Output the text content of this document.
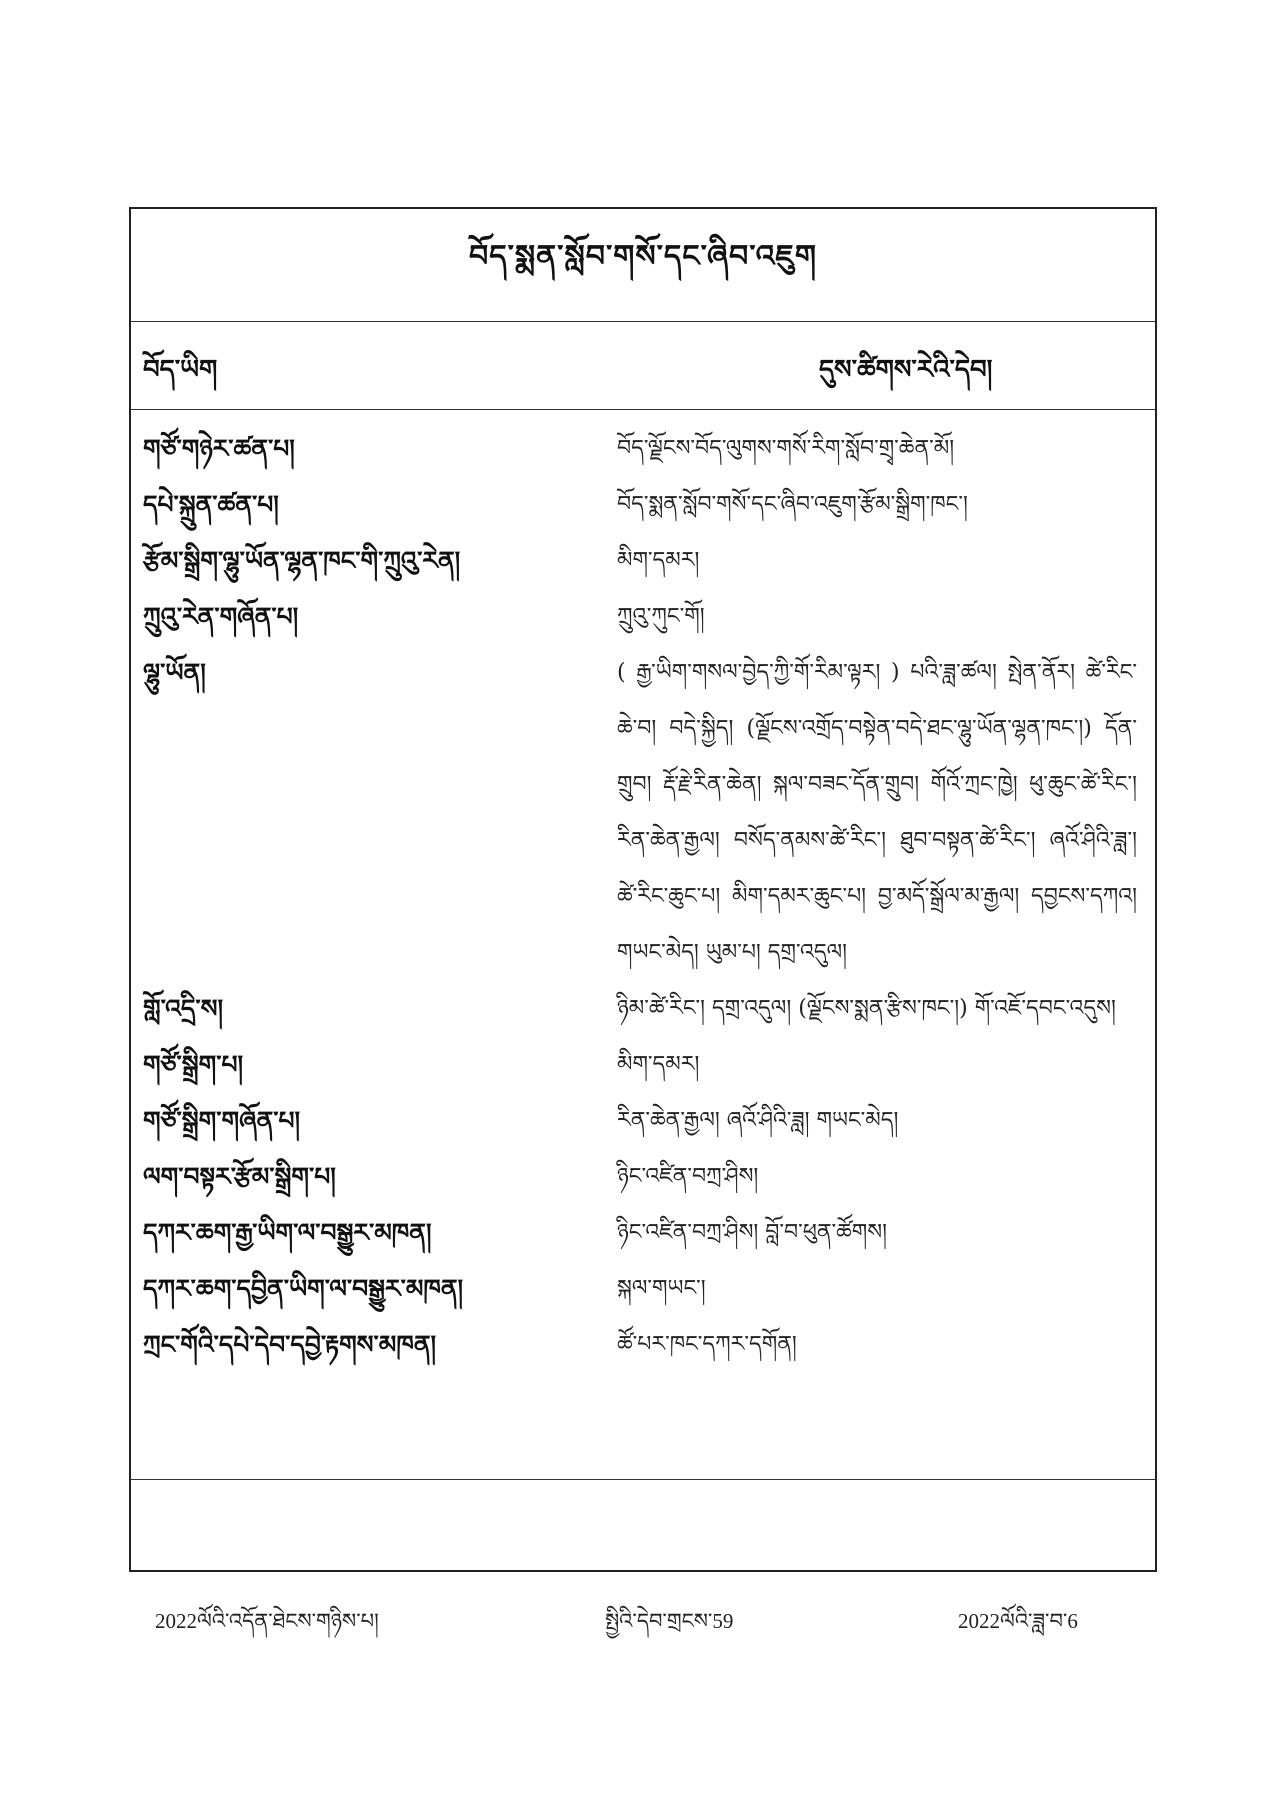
བོད་སྨན་སློབ་གསོ་དང་ཞིབ་འཇུག
བོད་ཡིག	དུས་ཚིགས་རེའི་དེབ།
གཙོ་གཉེར་ཚན་པ།	བོད་ལྗོངས་བོད་ལུགས་གསོ་རིག་སློབ་གྲྭ་ཆེན་མོ།
དཔེ་སྐྲུན་ཚན་པ།	བོད་སྨན་སློབ་གསོ་དང་ཞིབ་འཇུག་རྩོམ་སྒྲིག་ཁང་།
རྩོམ་སྒྲིག་ལྷུ་ཡོན་ལྷན་ཁང་གི་ཀྲུའུ་རེན།	མིག་དམར།
ཀྲུའུ་རེན་གཞོན་པ།	ཀྲུའུ་ཀུང་གོ།
ལྷུ་ཡོན།	( རྒྱ་ཡིག་གསལ་བྱེད་ཀྱི་གོ་རིམ་ལྟར། ) པའི་ཟླ་ཚལ། སྤེན་ནོར། ཚེ་རིང་ཆེ་བ། བདེ་སྐྱིད། (ལྗོངས་འགྲོད་བསྟེན་བདེ་ཐང་ལྷུ་ཡོན་ལྷན་ཁང་།) དོན་གྲུབ། རྡོ་རྗེ་རིན་ཆེན། སྐལ་བཟང་དོན་གྲུབ། གོའོ་ཀྲང་ཁྱེ། ཕུ་ཆུང་ཚེ་རིང་། རིན་ཆེན་རྒྱལ། བསོད་ནམས་ཚེ་རིང་། ཐུབ་བསྟན་ཚེ་རིང་། ཞའོ་ཤིའི་ཟླ་། ཚེ་རིང་ཆུང་པ། མིག་དམར་ཆུང་པ། བྱ་མདོ་སྒྲོལ་མ་རྒྱལ། དབྱངས་དཀའ། གཡང་མེད། ཡུམ་པ། དགྲ་འདུལ།
གློ་འདྲི་ས།	ཉིམ་ཚེ་རིང་། དགྲ་འདུལ། (ལྗོངས་སྨན་རྩིས་ཁང་།) གོ་འཇོ་དབང་འདུས།
གཙོ་སྒྲིག་པ།	མིག་དམར།
གཙོ་སྒྲིག་གཞོན་པ།	རིན་ཆེན་རྒྱལ། ཞའོ་ཤིའི་ཟླ། གཡང་མེད།
ལག་བསྟར་རྩོམ་སྒྲིག་པ།	ཉིང་འཛིན་བཀྲ་ཤིས།
དཀར་ཆག་རྒྱ་ཡིག་ལ་བསྒྱུར་མཁན།	ཉིང་འཛིན་བཀྲ་ཤིས། བློ་བ་ཕུན་ཚོགས།
དཀར་ཆག་དབྱིན་ཡིག་ལ་བསྒྱུར་མཁན།	སྐལ་གཡང་།
ཀྲང་གོའི་དཔེ་དེབ་དབྱེ་རྟགས་མཁན།	ཚོ་པར་ཁང་དཀར་དགོན།
2022ལོའི་འདོན་ཐེངས་གཉིས་པ།	སྤྱིའི་དེབ་གྲངས་59	2022ལོའི་ཟླ་བ་6
